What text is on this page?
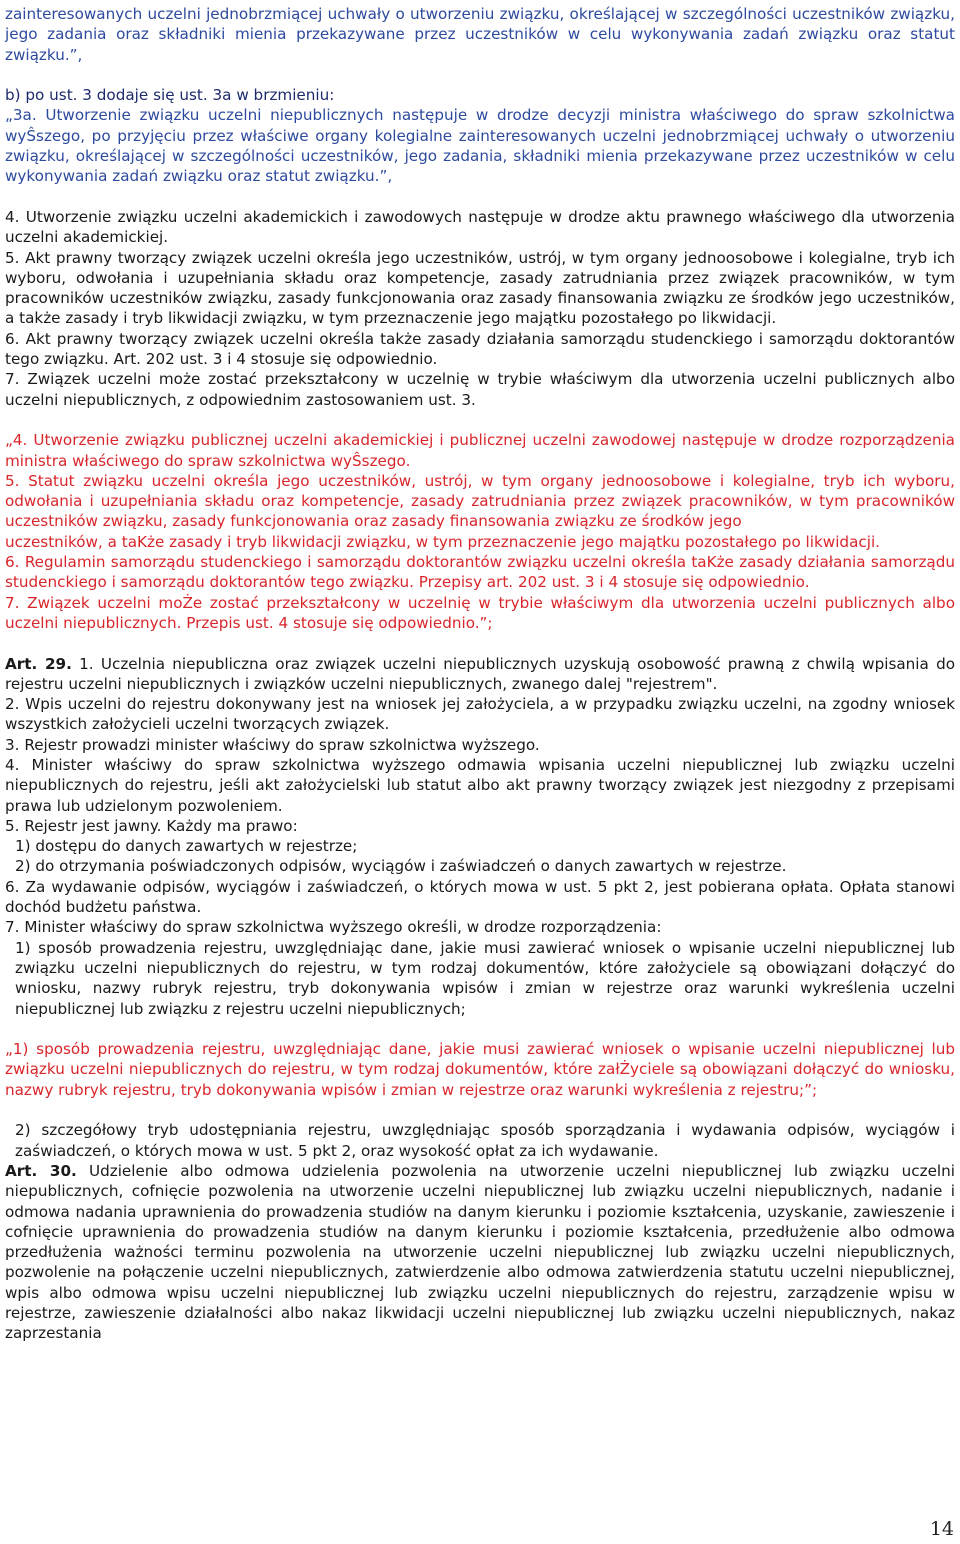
zainteresowanych uczelni jednobrzmiącej uchwały o utworzeniu związku, określającej w szczególności uczestników związku, jego zadania oraz składniki mienia przekazywane przez uczestników w celu wykonywania zadań związku oraz statut związku.”,

b) po ust. 3 dodaje się ust. 3a w brzmieniu:

„3a. Utworzenie związku uczelni niepublicznych następuje w drodze decyzji ministra właściwego do spraw szkolnictwa wyŜszego, po przyjęciu przez właściwe organy kolegialne zainteresowanych uczelni jednobrzmiącej uchwały o utworzeniu związku, określającej w szczególności uczestników, jego zadania, składniki mienia przekazywane przez uczestników w celu wykonywania zadań związku oraz statut związku.”,

4. Utworzenie związku uczelni akademickich i zawodowych następuje w drodze aktu prawnego właściwego dla utworzenia uczelni akademickiej.

5. Akt prawny tworzący związek uczelni określa jego uczestników, ustrój, w tym organy jednoosobowe i kolegialne, tryb ich wyboru, odwołania i uzupełniania składu oraz kompetencje, zasady zatrudniania przez związek pracowników, w tym pracowników uczestników związku, zasady funkcjonowania oraz zasady finansowania związku ze środków jego uczestników, a także zasady i tryb likwidacji związku, w tym przeznaczenie jego majątku pozostałego po likwidacji.

6. Akt prawny tworzący związek uczelni określa także zasady działania samorządu studenckiego i samorządu doktorantów tego związku. Art. 202 ust. 3 i 4 stosuje się odpowiednio.

7. Związek uczelni może zostać przekształcony w uczelnię w trybie właściwym dla utworzenia uczelni publicznych albo uczelni niepublicznych, z odpowiednim zastosowaniem ust. 3.

„4. Utworzenie związku publicznej uczelni akademickiej i publicznej uczelni zawodowej następuje w drodze rozporządzenia ministra właściwego do spraw szkolnictwa wyŜszego.

5. Statut związku uczelni określa jego uczestników, ustrój, w tym organy jednoosobowe i kolegialne, tryb ich wyboru, odwołania i uzupełniania składu oraz kompetencje, zasady zatrudniania przez związek pracowników, w tym pracowników uczestników związku, zasady funkcjonowania oraz zasady finansowania związku ze środków jego

uczestników, a taKże zasady i tryb likwidacji związku, w tym przeznaczenie jego majątku pozostałego po likwidacji.

6. Regulamin samorządu studenckiego i samorządu doktorantów związku uczelni określa taKże zasady działania samorządu studenckiego i samorządu doktorantów tego związku. Przepisy art. 202 ust. 3 i 4 stosuje się odpowiednio.

7. Związek uczelni moŻe zostać przekształcony w uczelnię w trybie właściwym dla utworzenia uczelni publicznych albo uczelni niepublicznych. Przepis ust. 4 stosuje się odpowiednio.”;

Art. 29. 1. Uczelnia niepubliczna oraz związek uczelni niepublicznych uzyskują osobowość prawną z chwilą wpisania do rejestru uczelni niepublicznych i związków uczelni niepublicznych, zwanego dalej "rejestrem".

2. Wpis uczelni do rejestru dokonywany jest na wniosek jej założyciela, a w przypadku związku uczelni, na zgodny wniosek wszystkich założycieli uczelni tworzących związek.

3. Rejestr prowadzi minister właściwy do spraw szkolnictwa wyższego.

4. Minister właściwy do spraw szkolnictwa wyższego odmawia wpisania uczelni niepublicznej lub związku uczelni niepublicznych do rejestru, jeśli akt założycielski lub statut albo akt prawny tworzący związek jest niezgodny z przepisami prawa lub udzielonym pozwoleniem.

5. Rejestr jest jawny. Każdy ma prawo:

1) dostępu do danych zawartych w rejestrze;

2) do otrzymania poświadczonych odpisów, wyciągów i zaświadczeń o danych zawartych w rejestrze.

6. Za wydawanie odpisów, wyciągów i zaświadczeń, o których mowa w ust. 5 pkt 2, jest pobierana opłata. Opłata stanowi dochód budżetu państwa.

7. Minister właściwy do spraw szkolnictwa wyższego określi, w drodze rozporządzenia:

1) sposób prowadzenia rejestru, uwzględniając dane, jakie musi zawierać wniosek o wpisanie uczelni niepublicznej lub związku uczelni niepublicznych do rejestru, w tym rodzaj dokumentów, które założyciele są obowiązani dołączyć do wniosku, nazwy rubryk rejestru, tryb dokonywania wpisów i zmian w rejestrze oraz warunki wykreślenia uczelni niepublicznej lub związku z rejestru uczelni niepublicznych;

„1) sposób prowadzenia rejestru, uwzględniając dane, jakie musi zawierać wniosek o wpisanie uczelni niepublicznej lub związku uczelni niepublicznych do rejestru, w tym rodzaj dokumentów, które załŻyciele są obowiązani dołączyć do wniosku, nazwy rubryk rejestru, tryb dokonywania wpisów i zmian w rejestrze oraz warunki wykreślenia z rejestru;”;

2) szczegółowy tryb udostępniania rejestru, uwzględniając sposób sporządzania i wydawania odpisów, wyciągów i zaświadczeń, o których mowa w ust. 5 pkt 2, oraz wysokość opłat za ich wydawanie.

Art. 30. Udzielenie albo odmowa udzielenia pozwolenia na utworzenie uczelni niepublicznej lub związku uczelni niepublicznych, cofnięcie pozwolenia na utworzenie uczelni niepublicznej lub związku uczelni niepublicznych, nadanie i odmowa nadania uprawnienia do prowadzenia studiów na danym kierunku i poziomie kształcenia, uzyskanie, zawieszenie i cofnięcie uprawnienia do prowadzenia studiów na danym kierunku i poziomie kształcenia, przedłużenie albo odmowa przedłużenia ważności terminu pozwolenia na utworzenie uczelni niepublicznej lub związku uczelni niepublicznych, pozwolenie na połączenie uczelni niepublicznych, zatwierdzenie albo odmowa zatwierdzenia statutu uczelni niepublicznej, wpis albo odmowa wpisu uczelni niepublicznej lub związku uczelni niepublicznych do rejestru, zarządzenie wpisu w rejestrze, zawieszenie działalności albo nakaz likwidacji uczelni niepublicznej lub związku uczelni niepublicznych, nakaz zaprzestania

14
